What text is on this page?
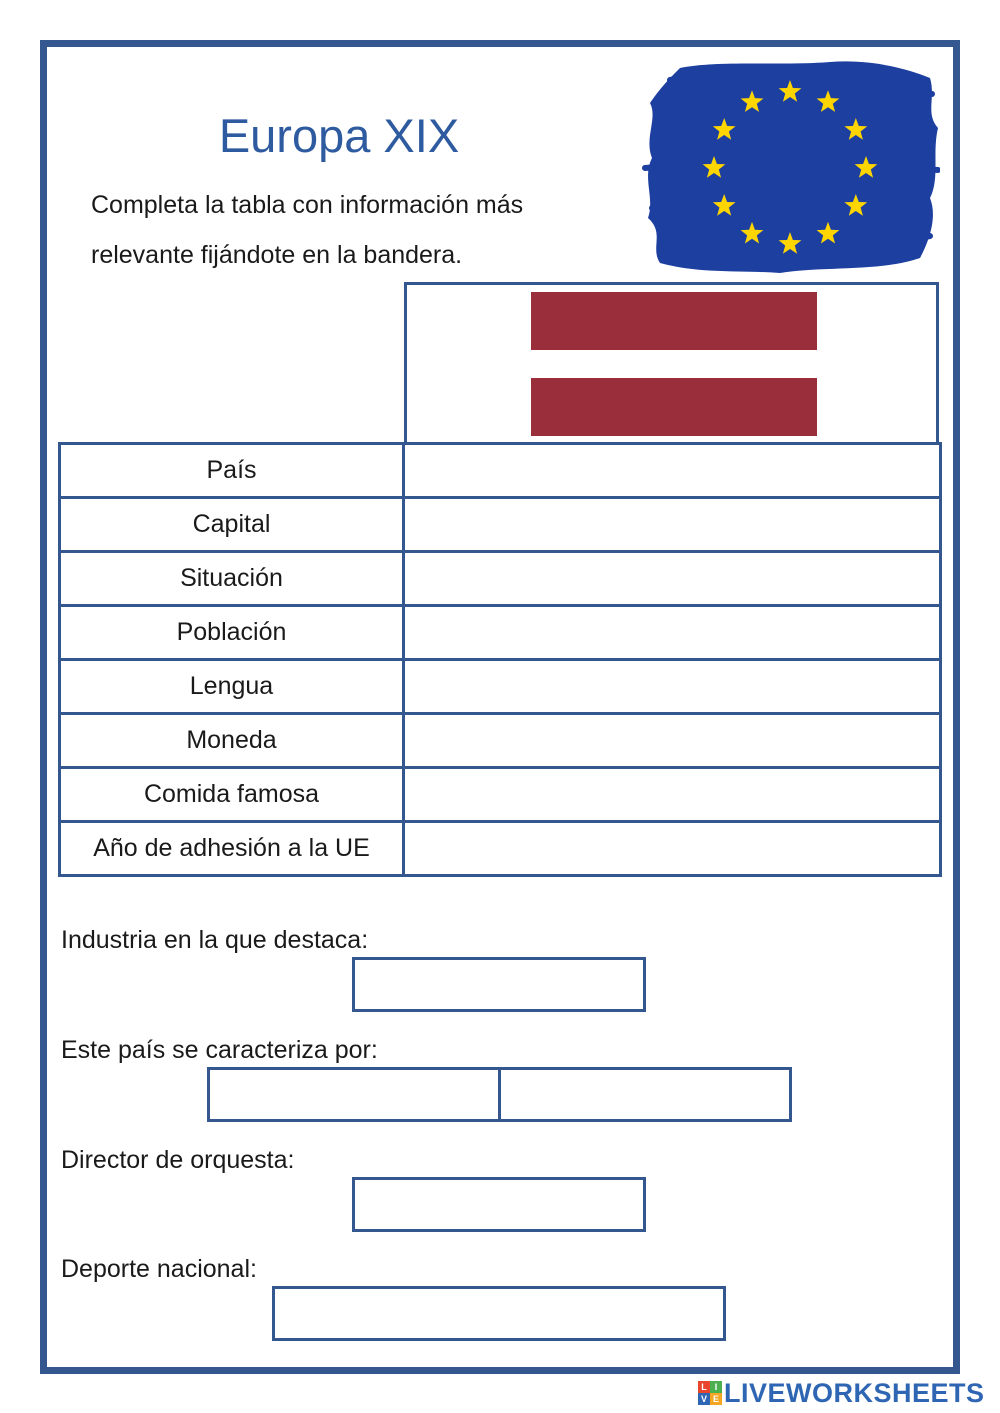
Europa XIX
Completa la tabla con información más
relevante fijándote en la bandera.
País	
Capital	
Situación	
Población	
Lengua	
Moneda	
Comida famosa	
Año de adhesión a la UE	
Industria en la que destaca:
Este país se caracteriza por:
Director de orquesta:
Deporte nacional:
L I
V E LIVEWORKSHEETS
